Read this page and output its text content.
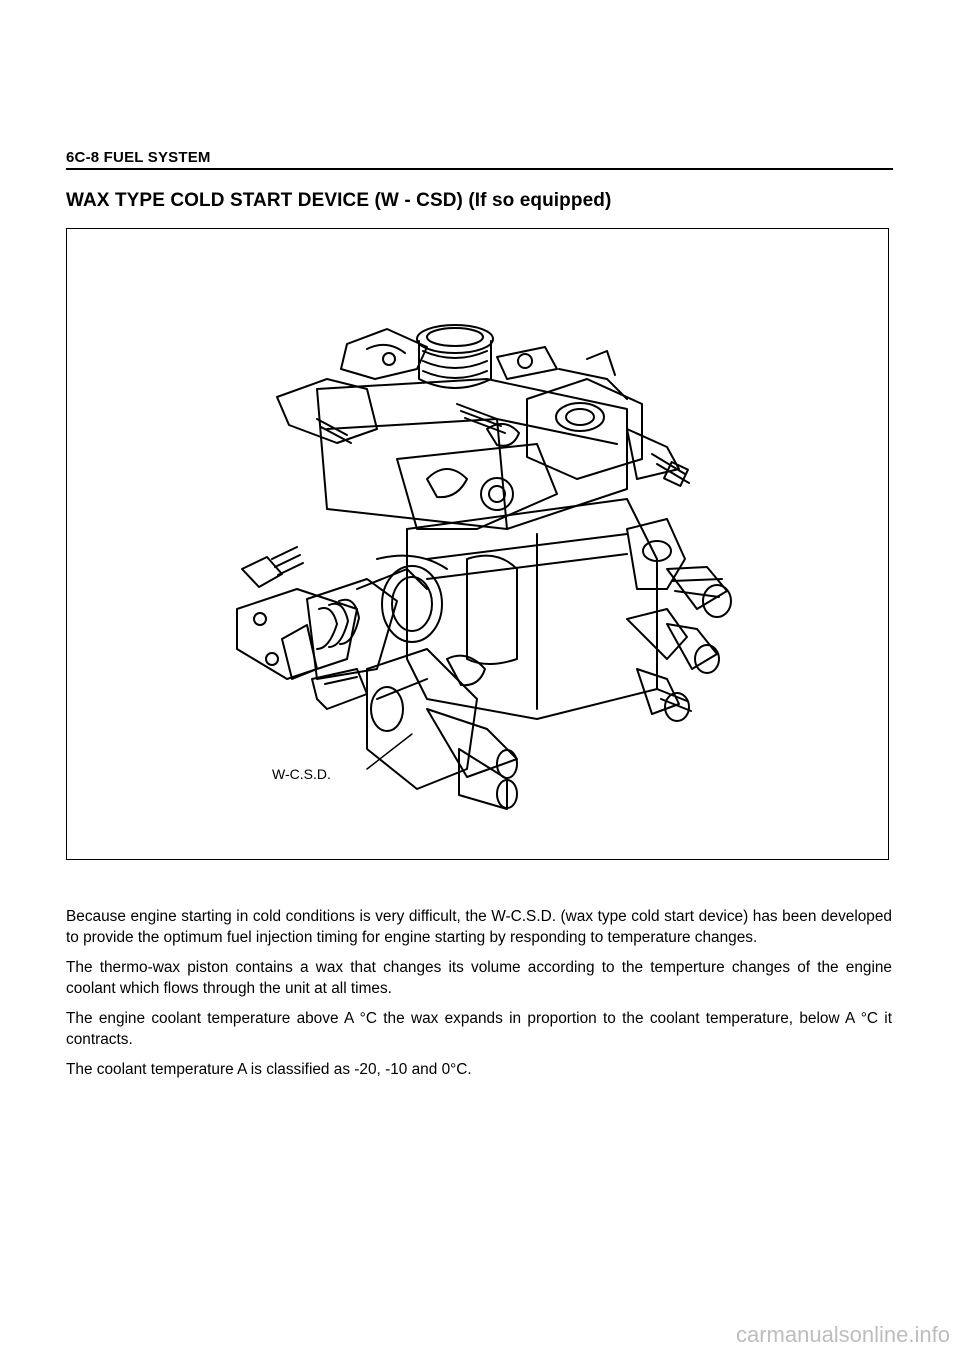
6C-8 FUEL SYSTEM
WAX TYPE COLD START DEVICE (W - CSD) (If so equipped)
W-C.S.D.

Because engine starting in cold conditions is very difficult, the W-C.S.D. (wax type cold start device) has been developed to provide the optimum fuel injection timing for engine starting by responding to temperature changes.

The thermo-wax piston contains a wax that changes its volume according to the temperture changes of the engine coolant which flows through the unit at all times.

The engine coolant temperature above A °C the wax expands in proportion to the coolant temperature, below A °C it contracts.

The coolant temperature A is classified as -20, -10 and 0°C.

carmanualsonline.info
